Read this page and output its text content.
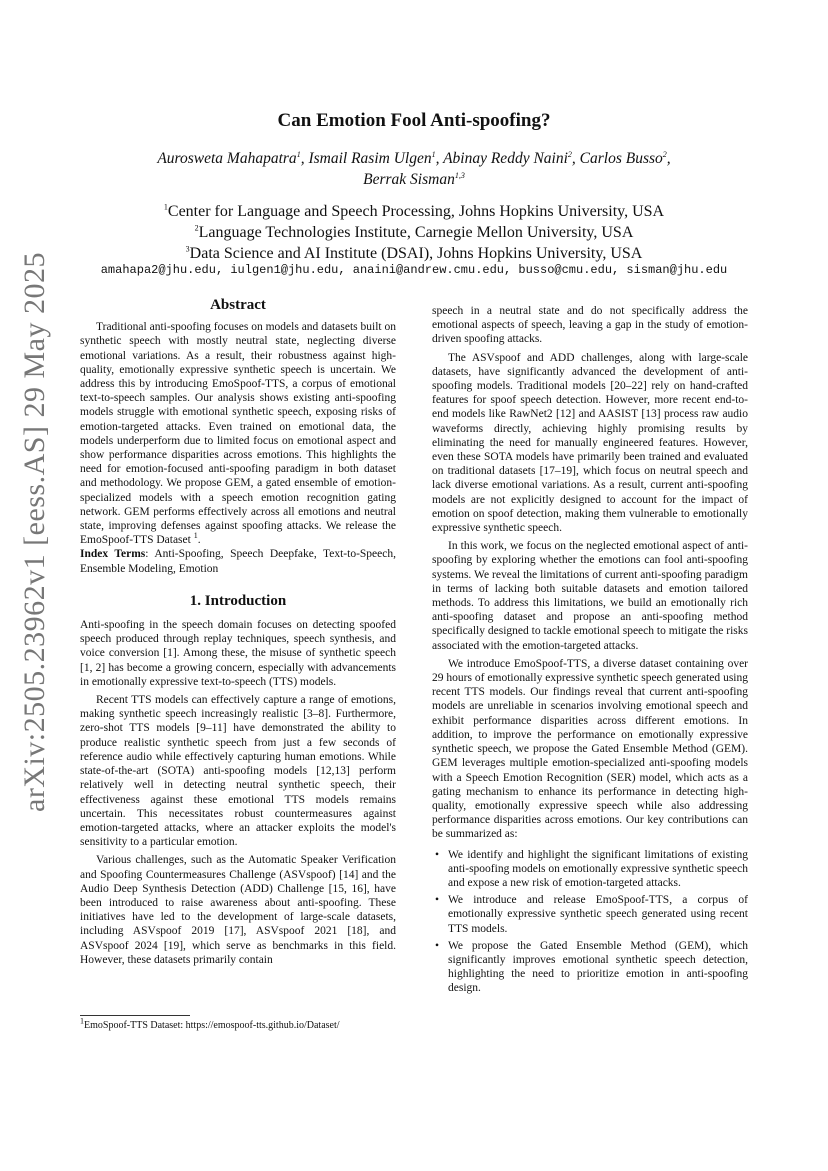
arXiv:2505.23962v1 [eess.AS] 29 May 2025
Can Emotion Fool Anti-spoofing?
Aurosweta Mahapatra$^1$, Ismail Rasim Ulgen$^1$, Abinay Reddy Naini$^2$, Carlos Busso$^2$,
Berrak Sisman$^{1,3}$
$^1$Center for Language and Speech Processing, Johns Hopkins University, USA
$^2$Language Technologies Institute, Carnegie Mellon University, USA
$^3$Data Science and AI Institute (DSAI), Johns Hopkins University, USA
amahapa2@jhu.edu, iulgen1@jhu.edu, anaini@andrew.cmu.edu, busso@cmu.edu, sisman@jhu.edu
Abstract

Traditional anti-spoofing focuses on models and datasets built on synthetic speech with mostly neutral state, neglecting diverse emotional variations. As a result, their robustness against high-quality, emotionally expressive synthetic speech is uncertain. We address this by introducing EmoSpoof-TTS, a corpus of emotional text-to-speech samples. Our analysis shows existing anti-spoofing models struggle with emotional synthetic speech, exposing risks of emotion-targeted attacks. Even trained on emotional data, the models underperform due to limited focus on emotional aspect and show performance disparities across emotions. This highlights the need for emotion-focused anti-spoofing paradigm in both dataset and methodology. We propose GEM, a gated ensemble of emotion-specialized models with a speech emotion recognition gating network. GEM performs effectively across all emotions and neutral state, improving defenses against spoofing attacks. We release the EmoSpoof-TTS Dataset $^1$.

Index Terms: Anti-Spoofing, Speech Deepfake, Text-to-Speech, Ensemble Modeling, Emotion

1. Introduction

Anti-spoofing in the speech domain focuses on detecting spoofed speech produced through replay techniques, speech synthesis, and voice conversion [1]. Among these, the misuse of synthetic speech [1, 2] has become a growing concern, especially with advancements in emotionally expressive text-to-speech (TTS) models.

Recent TTS models can effectively capture a range of emotions, making synthetic speech increasingly realistic [3–8]. Furthermore, zero-shot TTS models [9–11] have demonstrated the ability to produce realistic synthetic speech from just a few seconds of reference audio while effectively capturing human emotions. While state-of-the-art (SOTA) anti-spoofing models [12,13] perform relatively well in detecting neutral synthetic speech, their effectiveness against these emotional TTS models remains uncertain. This necessitates robust countermeasures against emotion-targeted attacks, where an attacker exploits the model's sensitivity to a particular emotion.

Various challenges, such as the Automatic Speaker Verification and Spoofing Countermeasures Challenge (ASVspoof) [14] and the Audio Deep Synthesis Detection (ADD) Challenge [15, 16], have been introduced to raise awareness about anti-spoofing. These initiatives have led to the development of large-scale datasets, including ASVspoof 2019 [17], ASVspoof 2021 [18], and ASVspoof 2024 [19], which serve as benchmarks in this field. However, these datasets primarily contain

speech in a neutral state and do not specifically address the emotional aspects of speech, leaving a gap in the study of emotion-driven spoofing attacks.

The ASVspoof and ADD challenges, along with large-scale datasets, have significantly advanced the development of anti-spoofing models. Traditional models [20–22] rely on hand-crafted features for spoof speech detection. However, more recent end-to-end models like RawNet2 [12] and AASIST [13] process raw audio waveforms directly, achieving highly promising results by eliminating the need for manually engineered features. However, even these SOTA models have primarily been trained and evaluated on traditional datasets [17–19], which focus on neutral speech and lack diverse emotional variations. As a result, current anti-spoofing models are not explicitly designed to account for the impact of emotion on spoof detection, making them vulnerable to emotionally expressive synthetic speech.

In this work, we focus on the neglected emotional aspect of anti-spoofing by exploring whether the emotions can fool anti-spoofing systems. We reveal the limitations of current anti-spoofing paradigm in terms of lacking both suitable datasets and emotion tailored methods. To address this limitations, we build an emotionally rich anti-spoofing dataset and propose an anti-spoofing method specifically designed to tackle emotional speech to mitigate the risks associated with the emotion-targeted attacks.

We introduce EmoSpoof-TTS, a diverse dataset containing over 29 hours of emotionally expressive synthetic speech generated using recent TTS models. Our findings reveal that current anti-spoofing models are unreliable in scenarios involving emotional speech and exhibit performance disparities across different emotions. In addition, to improve the performance on emotionally expressive synthetic speech, we propose the Gated Ensemble Method (GEM). GEM leverages multiple emotion-specialized anti-spoofing models with a Speech Emotion Recognition (SER) model, which acts as a gating mechanism to enhance its performance in detecting high-quality, emotionally expressive speech while also addressing performance disparities across emotions. Our key contributions can be summarized as:

• We identify and highlight the significant limitations of existing anti-spoofing models on emotionally expressive synthetic speech and expose a new risk of emotion-targeted attacks.
• We introduce and release EmoSpoof-TTS, a corpus of emotionally expressive synthetic speech generated using recent TTS models.
• We propose the Gated Ensemble Method (GEM), which significantly improves emotional synthetic speech detection, highlighting the need to prioritize emotion in anti-spoofing design.
$^1$EmoSpoof-TTS Dataset: https://emospoof-tts.github.io/Dataset/
